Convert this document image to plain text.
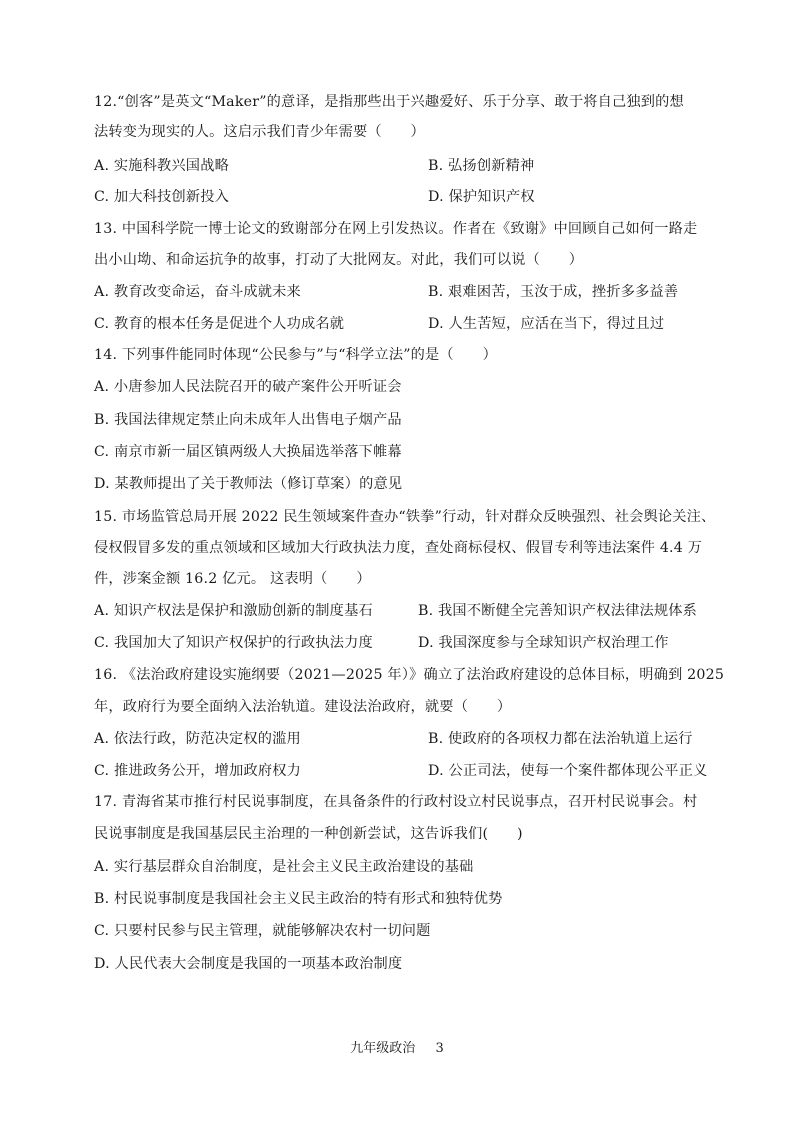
12.“创客”是英文“Maker”的意译，是指那些出于兴趣爱好、乐于分享、敢于将自己独到的想
法转变为现实的人。这启示我们青少年需要（　　）
A. 实施科教兴国战略	B. 弘扬创新精神
C. 加大科技创新投入	D. 保护知识产权
13. 中国科学院一博士论文的致谢部分在网上引发热议。作者在《致谢》中回顾自己如何一路走
出小山坳、和命运抗争的故事，打动了大批网友。对此，我们可以说（　　）
A. 教育改变命运，奋斗成就未来	B. 艰难困苦，玉汝于成，挫折多多益善
C. 教育的根本任务是促进个人功成名就	D. 人生苦短，应活在当下，得过且过
14. 下列事件能同时体现“公民参与”与“科学立法”的是（　　）
A. 小唐参加人民法院召开的破产案件公开听证会
B. 我国法律规定禁止向未成年人出售电子烟产品
C. 南京市新一届区镇两级人大换届选举落下帷幕
D. 某教师提出了关于教师法（修订草案）的意见
15. 市场监管总局开展 2022 民生领域案件查办“铁拳”行动，针对群众反映强烈、社会舆论关注、
侵权假冒多发的重点领域和区域加大行政执法力度，查处商标侵权、假冒专利等违法案件 4.4 万
件，涉案金额 16.2 亿元。 这表明（　　）
A. 知识产权法是保护和激励创新的制度基石	B. 我国不断健全完善知识产权法律法规体系
C. 我国加大了知识产权保护的行政执法力度	D. 我国深度参与全球知识产权治理工作
16. 《法治政府建设实施纲要（2021—2025 年）》确立了法治政府建设的总体目标，明确到 2025
年，政府行为要全面纳入法治轨道。建设法治政府，就要（　　）
A. 依法行政，防范决定权的滥用	B. 使政府的各项权力都在法治轨道上运行
C. 推进政务公开，增加政府权力	D. 公正司法，使每一个案件都体现公平正义
17. 青海省某市推行村民说事制度，在具备条件的行政村设立村民说事点，召开村民说事会。村
民说事制度是我国基层民主治理的一种创新尝试，这告诉我们(　　)
A. 实行基层群众自治制度，是社会主义民主政治建设的基础
B. 村民说事制度是我国社会主义民主政治的特有形式和独特优势
C. 只要村民参与民主管理，就能够解决农村一切问题
D. 人民代表大会制度是我国的一项基本政治制度
九年级政治 3
